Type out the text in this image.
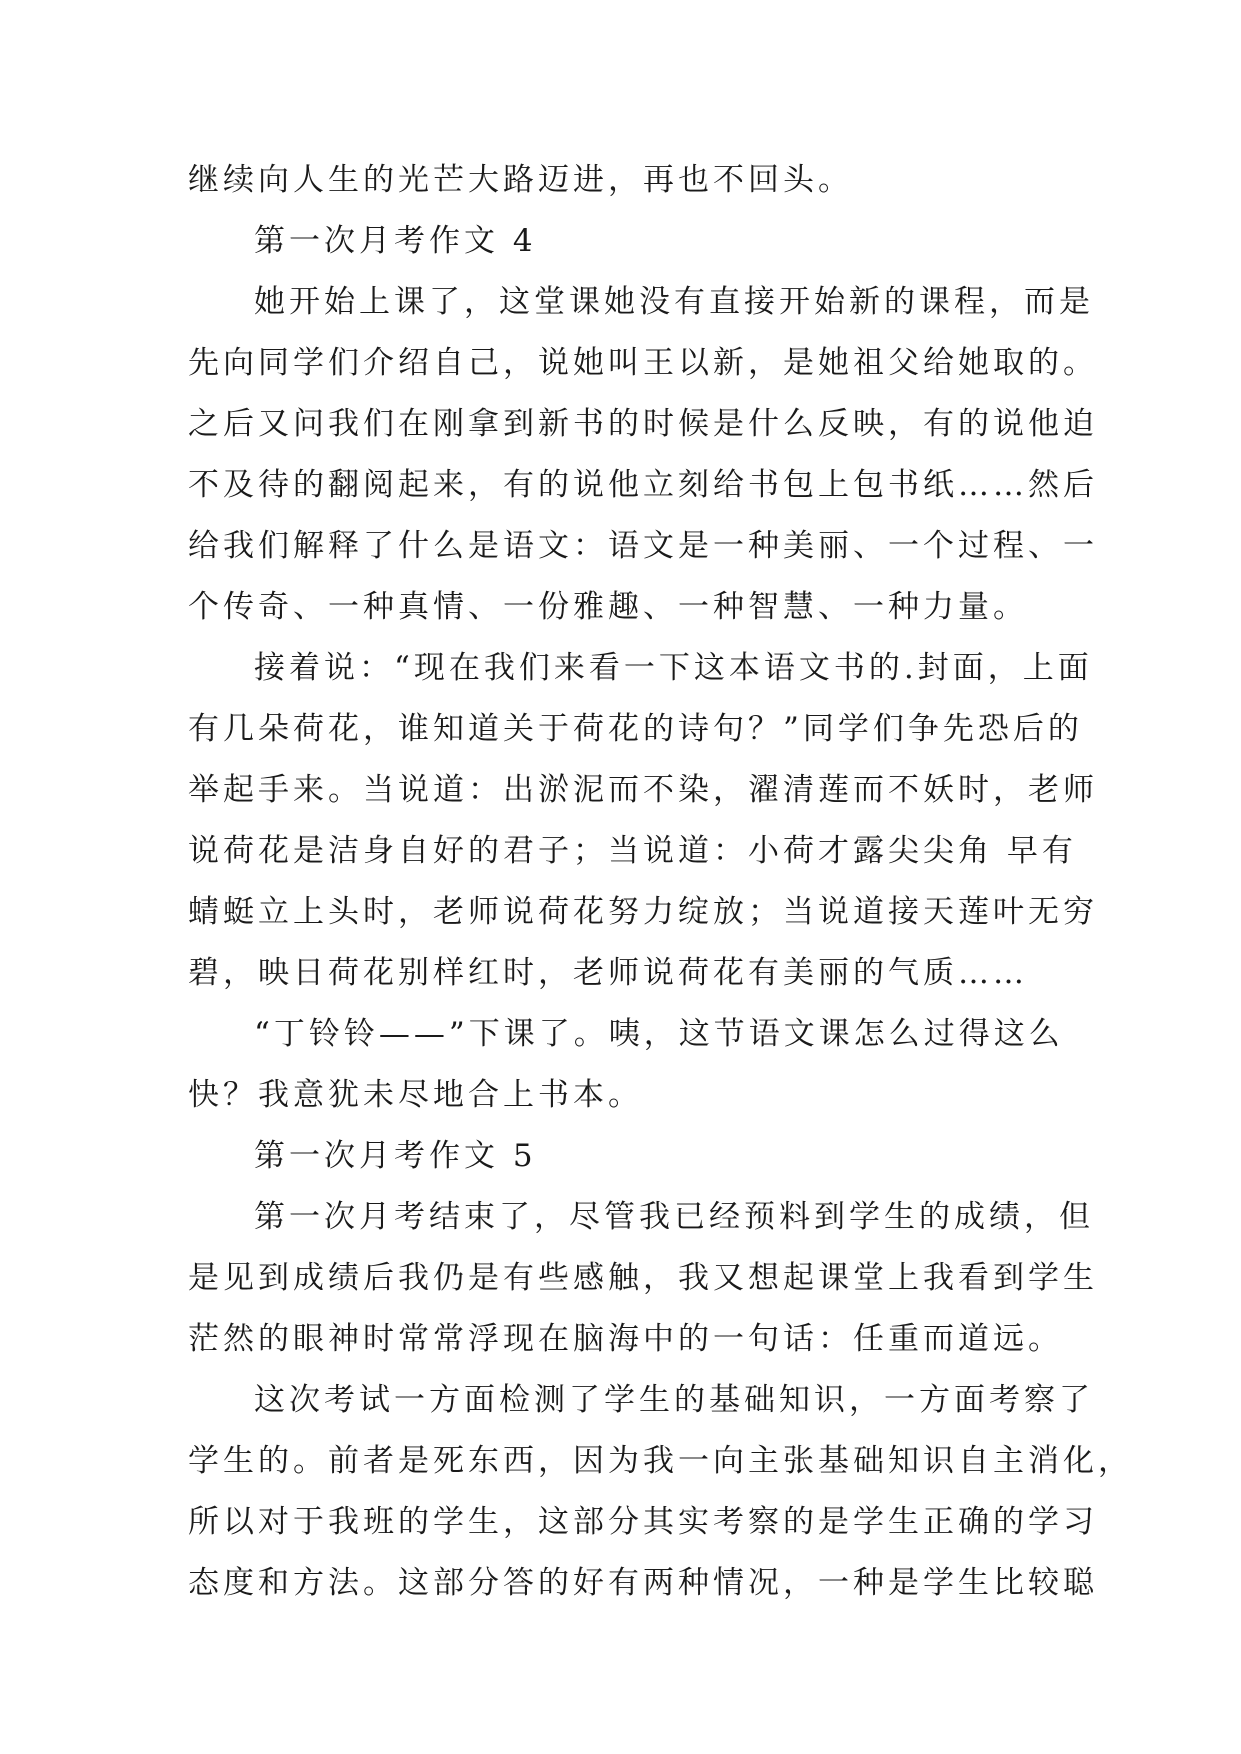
继续向人生的光芒大路迈进，再也不回头。
第一次月考作文 4
她开始上课了，这堂课她没有直接开始新的课程，而是
先向同学们介绍自己，说她叫王以新，是她祖父给她取的。
之后又问我们在刚拿到新书的时候是什么反映，有的说他迫
不及待的翻阅起来，有的说他立刻给书包上包书纸……然后
给我们解释了什么是语文：语文是一种美丽、一个过程、一
个传奇、一种真情、一份雅趣、一种智慧、一种力量。
接着说：“现在我们来看一下这本语文书的.封面，上面
有几朵荷花，谁知道关于荷花的诗句？”同学们争先恐后的
举起手来。当说道：出淤泥而不染，濯清莲而不妖时，老师
说荷花是洁身自好的君子；当说道：小荷才露尖尖角 早有
蜻蜓立上头时，老师说荷花努力绽放；当说道接天莲叶无穷
碧，映日荷花别样红时，老师说荷花有美丽的气质……
“丁铃铃——”下课了。咦，这节语文课怎么过得这么
快？我意犹未尽地合上书本。
第一次月考作文 5
第一次月考结束了，尽管我已经预料到学生的成绩，但
是见到成绩后我仍是有些感触，我又想起课堂上我看到学生
茫然的眼神时常常浮现在脑海中的一句话：任重而道远。
这次考试一方面检测了学生的基础知识，一方面考察了
学生的。前者是死东西，因为我一向主张基础知识自主消化，
所以对于我班的学生，这部分其实考察的是学生正确的学习
态度和方法。这部分答的好有两种情况，一种是学生比较聪
